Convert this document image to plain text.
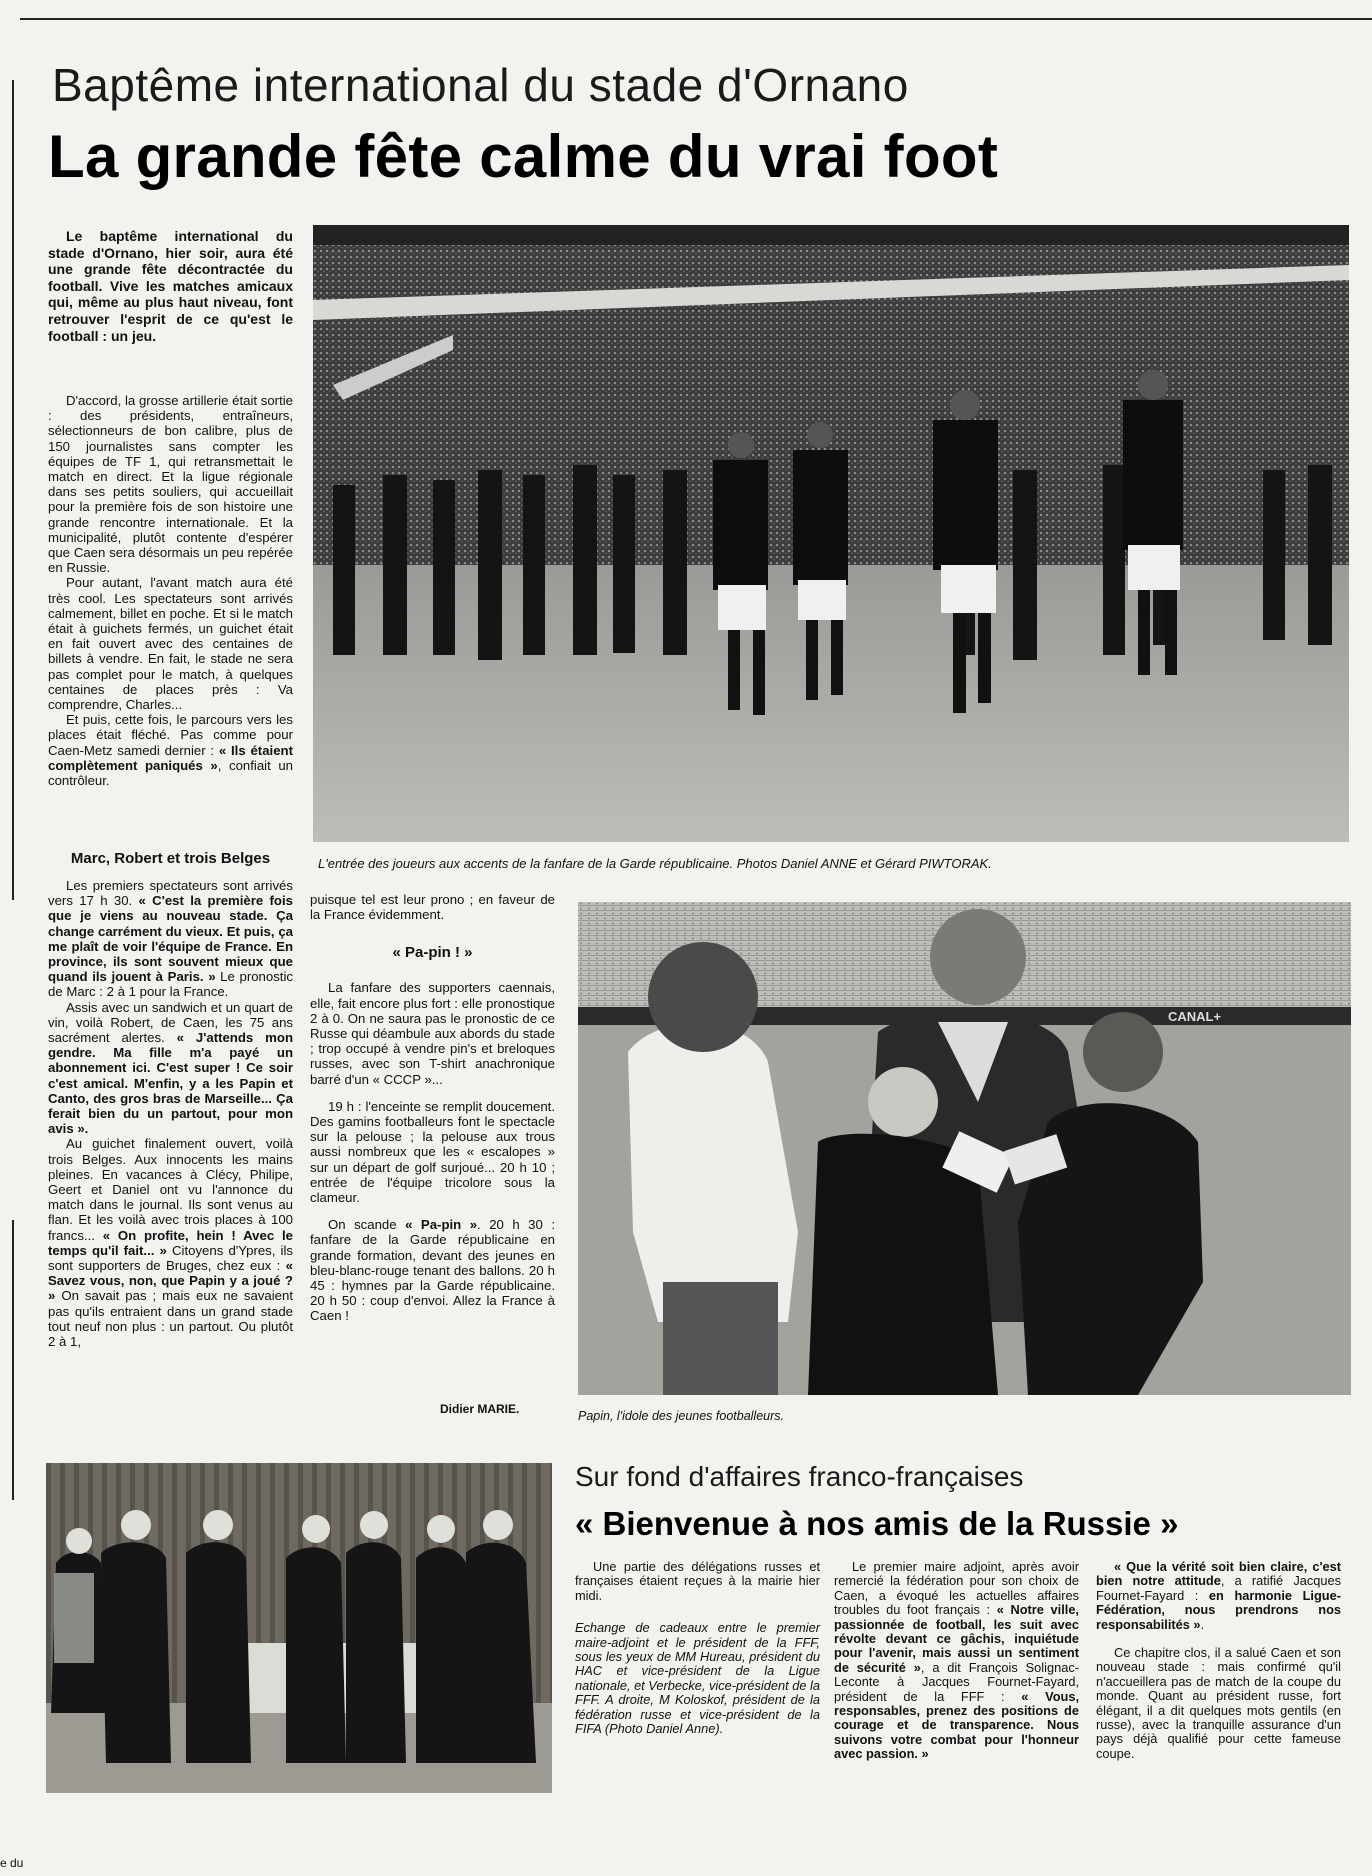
e du
Baptême international du stade d'Ornano
La grande fête calme du vrai foot
Le baptême international du stade d'Ornano, hier soir, aura été une grande fête décontractée du football. Vive les matches amicaux qui, même au plus haut niveau, font retrouver l'esprit de ce qu'est le football : un jeu.

D'accord, la grosse artillerie était sortie : des présidents, entraîneurs, sélectionneurs de bon calibre, plus de 150 journalistes sans compter les équipes de TF 1, qui retransmettait le match en direct. Et la ligue régionale dans ses petits souliers, qui accueillait pour la première fois de son histoire une grande rencontre internationale. Et la municipalité, plutôt contente d'espérer que Caen sera désormais un peu repérée en Russie.

Pour autant, l'avant match aura été très cool. Les spectateurs sont arrivés calmement, billet en poche. Et si le match était à guichets fermés, un guichet était en fait ouvert avec des centaines de billets à vendre. En fait, le stade ne sera pas complet pour le match, à quelques centaines de places près : Va comprendre, Charles...

Et puis, cette fois, le parcours vers les places était fléché. Pas comme pour Caen-Metz samedi dernier : « Ils étaient complètement paniqués », confiait un contrôleur.

Marc, Robert et trois Belges

Les premiers spectateurs sont arrivés vers 17 h 30. « C'est la première fois que je viens au nouveau stade. Ça change carrément du vieux. Et puis, ça me plaît de voir l'équipe de France. En province, ils sont souvent mieux que quand ils jouent à Paris. » Le pronostic de Marc : 2 à 1 pour la France.

Assis avec un sandwich et un quart de vin, voilà Robert, de Caen, les 75 ans sacrément alertes. « J'attends mon gendre. Ma fille m'a payé un abonnement ici. C'est super ! Ce soir c'est amical. M'enfin, y a les Papin et Canto, des gros bras de Marseille... Ça ferait bien du un partout, pour mon avis ».

Au guichet finalement ouvert, voilà trois Belges. Aux innocents les mains pleines. En vacances à Clécy, Philipe, Geert et Daniel ont vu l'annonce du match dans le journal. Ils sont venus au flan. Et les voilà avec trois places à 100 francs... « On profite, hein ! Avec le temps qu'il fait... » Citoyens d'Ypres, ils sont supporters de Bruges, chez eux : « Savez vous, non, que Papin y a joué ? » On savait pas ; mais eux ne savaient pas qu'ils entraient dans un grand stade tout neuf non plus : un partout. Ou plutôt 2 à 1,

puisque tel est leur prono ; en faveur de la France évidemment.

« Pa-pin ! »

La fanfare des supporters caennais, elle, fait encore plus fort : elle pronostique 2 à 0. On ne saura pas le pronostic de ce Russe qui déambule aux abords du stade ; trop occupé à vendre pin's et breloques russes, avec son T-shirt anachronique barré d'un « CCCP »...

19 h : l'enceinte se remplit doucement. Des gamins footballeurs font le spectacle sur la pelouse ; la pelouse aux trous aussi nombreux que les « escalopes » sur un départ de golf surjoué... 20 h 10 ; entrée de l'équipe tricolore sous la clameur.

On scande « Pa-pin ». 20 h 30 : fanfare de la Garde républicaine en grande formation, devant des jeunes en bleu-blanc-rouge tenant des ballons. 20 h 45 : hymnes par la Garde républicaine. 20 h 50 : coup d'envoi. Allez la France à Caen !

Didier MARIE.
L'entrée des joueurs aux accents de la fanfare de la Garde républicaine. Photos Daniel ANNE et Gérard PIWTORAK.
CANAL+
Papin, l'idole des jeunes footballeurs.
Sur fond d'affaires franco-françaises
« Bienvenue à nos amis de la Russie »

Une partie des délégations russes et françaises étaient reçues à la mairie hier midi.

Echange de cadeaux entre le premier maire-adjoint et le président de la FFF, sous les yeux de MM Hureau, président du HAC et vice-président de la Ligue nationale, et Verbecke, vice-président de la FFF. A droite, M Koloskof, président de la fédération russe et vice-président de la FIFA (Photo Daniel Anne).

Le premier maire adjoint, après avoir remercié la fédération pour son choix de Caen, a évoqué les actuelles affaires troubles du foot français : « Notre ville, passionnée de football, les suit avec révolte devant ce gâchis, inquiétude pour l'avenir, mais aussi un sentiment de sécurité », a dit François Solignac-Leconte à Jacques Fournet-Fayard, président de la FFF : « Vous, responsables, prenez des positions de courage et de transparence. Nous suivons votre combat pour l'honneur avec passion. »

« Que la vérité soit bien claire, c'est bien notre attitude, a ratifié Jacques Fournet-Fayard : en harmonie Ligue-Fédération, nous prendrons nos responsabilités ».

Ce chapitre clos, il a salué Caen et son nouveau stade : mais confirmé qu'il n'accueillera pas de match de la coupe du monde. Quant au président russe, fort élégant, il a dit quelques mots gentils (en russe), avec la tranquille assurance d'un pays déjà qualifié pour cette fameuse coupe.
